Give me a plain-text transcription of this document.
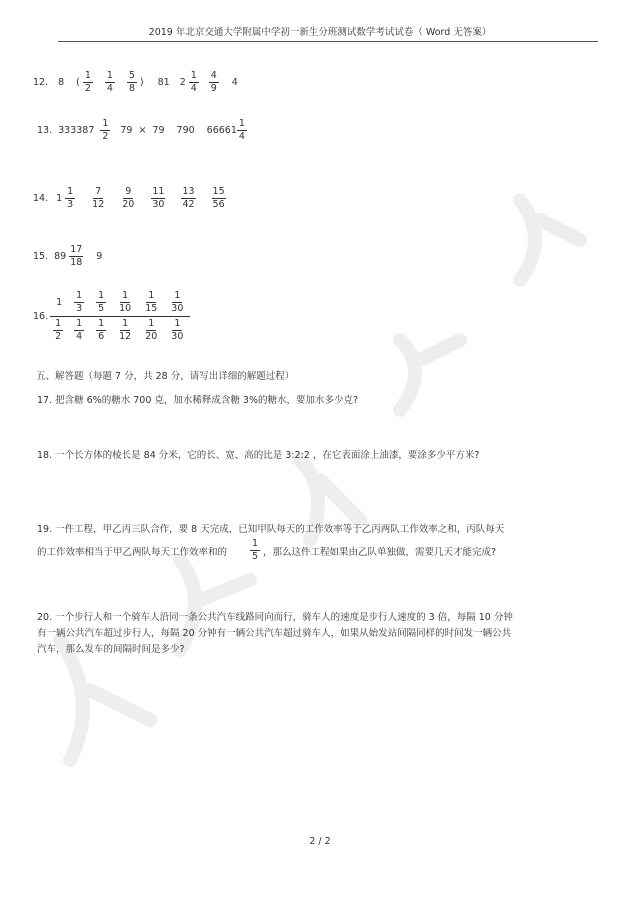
2019 年北京交通大学附属中学初一新生分班测试数学考试试卷（ Word 无答案）
12. 8 ( $\frac{1}{2} \frac{1}{4} \frac{5}{8}$ ) 81 $2 \frac{1}{4} \frac{4}{9} 4$
13. $333387 \frac{1}{2} 79 \times 79$ 790 $66661 \frac{1}{4}$
14. $1 \frac{1}{3} \frac{7}{12} \frac{9}{20} \frac{11}{30} \frac{13}{42} \frac{15}{56}$
15. $89 \frac{17}{18} 9$
16. 1	$\frac{1}{3} \frac{1}{5} \frac{1}{10} \frac{1}{15} \frac{1}{30}$
$\frac{1}{2} \frac{1}{4} \frac{1}{6} \frac{1}{12} \frac{1}{20} \frac{1}{30}$
五、解答题（每题 7 分，共 28 分，请写出详细的解题过程）
17. 把含糖 6%的糖水 700 克，加水稀释成含糖 3%的糖水，要加水多少克?
18. 一个长方体的棱长是 84 分米，它的长、宽、高的比是 3:2:2 ，在它表面涂上油漆，要涂多少平方米?
19. 一件工程，甲乙丙三队合作，要 8 天完成，已知甲队每天的工作效率等于乙丙两队工作效率之和，丙队每天
的工作效率相当于甲乙两队每天工作效率和的 $\frac{1}{5}$ ，那么这件工程如果由乙队单独做，需要几天才能完成?
20. 一个步行人和一个骑车人沿同一条公共汽车线路同向而行，骑车人的速度是步行人速度的 3 倍，每隔 10 分钟
有一辆公共汽车超过步行人，每隔 20 分钟有一辆公共汽车超过骑车人，如果从始发站间隔同样的时间发一辆公共
汽车，那么发车的间隔时间是多少?
2 / 2
